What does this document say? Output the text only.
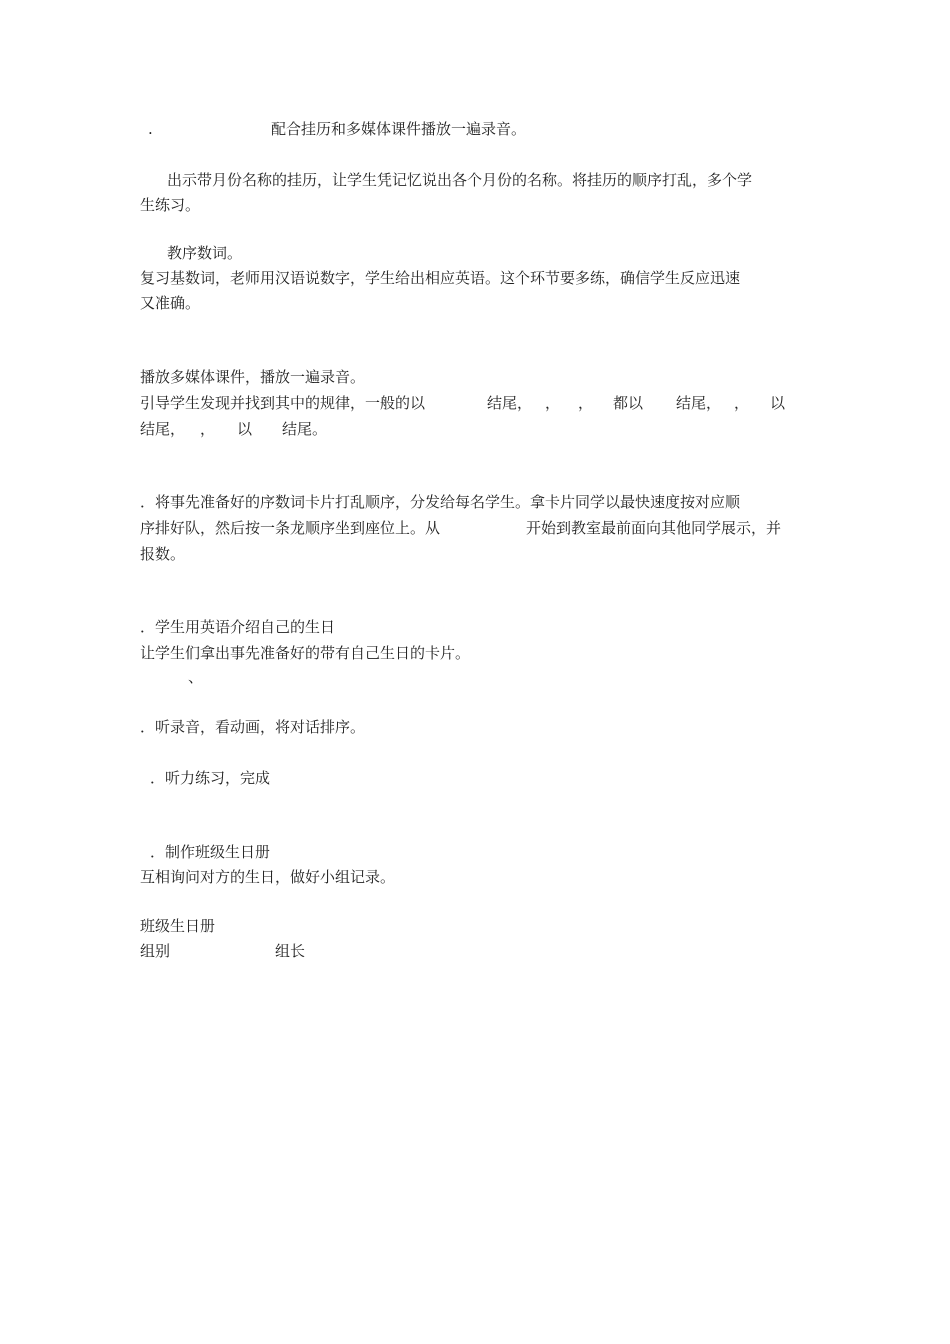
.	配合挂历和多媒体课件播放一遍录音。
出示带月份名称的挂历，让学生凭记忆说出各个月份的名称。将挂历的顺序打乱，多个学
生练习。
教序数词。
复习基数词，老师用汉语说数字，学生给出相应英语。这个环节要多练，确信学生反应迅速
又准确。
播放多媒体课件，播放一遍录音。
引导学生发现并找到其中的规律，一般的以	结尾， ， ， 都以 结尾， ， 以
结尾， ， 以 结尾。
．将事先准备好的序数词卡片打乱顺序，分发给每名学生。拿卡片同学以最快速度按对应顺
序排好队，然后按一条龙顺序坐到座位上。从	开始到教室最前面向其他同学展示，并
报数。
．学生用英语介绍自己的生日
让学生们拿出事先准备好的带有自己生日的卡片。
、
．听录音，看动画，将对话排序。
．听力练习，完成
．制作班级生日册
互相询问对方的生日，做好小组记录。
班级生日册
组别	组长
